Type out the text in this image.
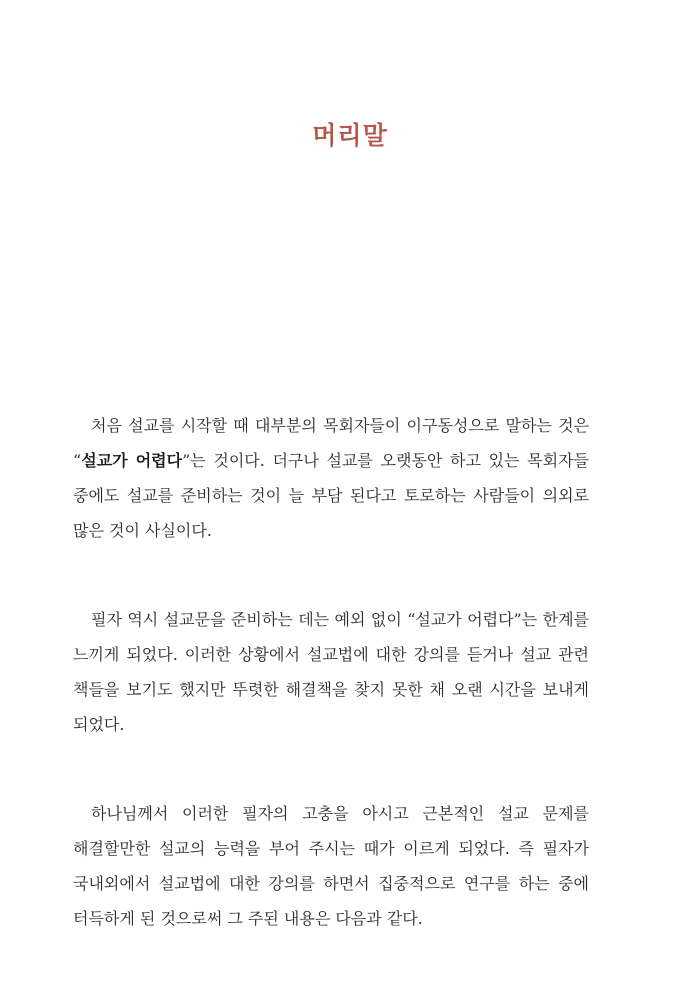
머리말

처음 설교를 시작할 때 대부분의 목회자들이 이구동성으로 말하는 것은 “설교가 어렵다”는 것이다. 더구나 설교를 오랫동안 하고 있는 목회자들 중에도 설교를 준비하는 것이 늘 부담 된다고 토로하는 사람들이 의외로 많은 것이 사실이다.

필자 역시 설교문을 준비하는 데는 예외 없이 “설교가 어렵다”는 한계를 느끼게 되었다. 이러한 상황에서 설교법에 대한 강의를 듣거나 설교 관련 책들을 보기도 했지만 뚜렷한 해결책을 찾지 못한 채 오랜 시간을 보내게 되었다.

하나님께서 이러한 필자의 고충을 아시고 근본적인 설교 문제를 해결할만한 설교의 능력을 부어 주시는 때가 이르게 되었다. 즉 필자가 국내외에서 설교법에 대한 강의를 하면서 집중적으로 연구를 하는 중에 터득하게 된 것으로써 그 주된 내용은 다음과 같다.
